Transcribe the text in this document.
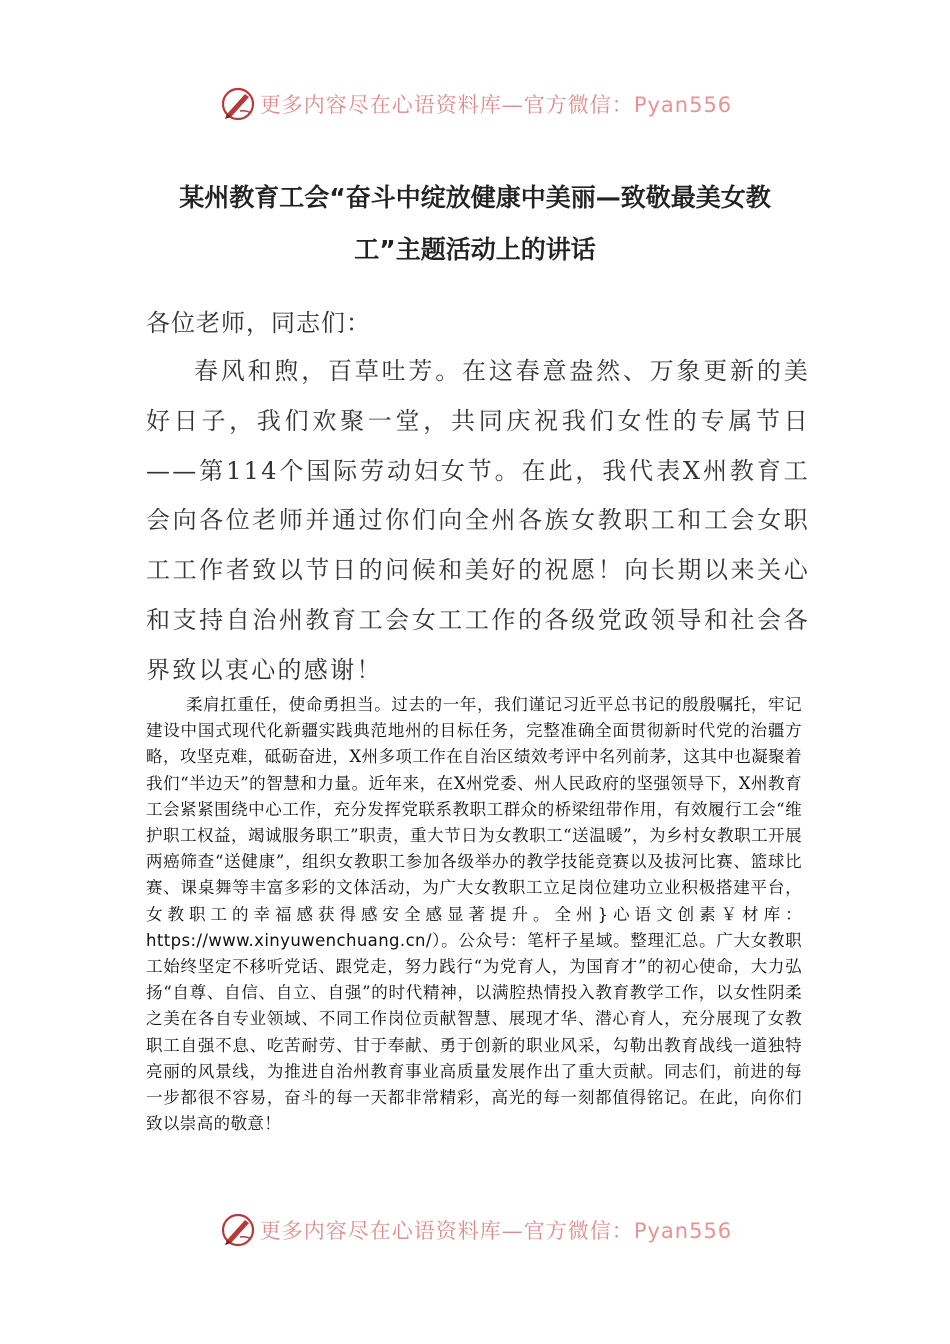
更多内容尽在心语资料库—官方微信：Pyan556
某州教育工会“奋斗中绽放健康中美丽—致敬最美女教
工”主题活动上的讲话
各位老师，同志们：

春风和煦，百草吐芳。在这春意盎然、万象更新的美好日子，我们欢聚一堂，共同庆祝我们女性的专属节日——第114个国际劳动妇女节。在此，我代表X州教育工会向各位老师并通过你们向全州各族女教职工和工会女职工工作者致以节日的问候和美好的祝愿！向长期以来关心和支持自治州教育工会女工工作的各级党政领导和社会各界致以衷心的感谢！

柔肩扛重任，使命勇担当。过去的一年，我们谨记习近平总书记的殷殷嘱托，牢记建设中国式现代化新疆实践典范地州的目标任务，完整准确全面贯彻新时代党的治疆方略，攻坚克难，砥砺奋进，X州多项工作在自治区绩效考评中名列前茅，这其中也凝聚着我们“半边天”的智慧和力量。近年来，在X州党委、州人民政府的坚强领导下，X州教育工会紧紧围绕中心工作，充分发挥党联系教职工群众的桥梁纽带作用，有效履行工会“维护职工权益，竭诚服务职工”职责，重大节日为女教职工“送温暖”，为乡村女教职工开展两癌筛查“送健康”，组织女教职工参加各级举办的教学技能竞赛以及拔河比赛、篮球比赛、课桌舞等丰富多彩的文体活动，为广大女教职工立足岗位建功立业积极搭建平台，女教职工的幸福感获得感安全感显著提升。全州}心语文创素￥材库：https://www.xinyuwenchuang.cn/）。公众号：笔杆子星域。整理汇总。广大女教职工始终坚定不移听党话、跟党走，努力践行“为党育人，为国育才”的初心使命，大力弘扬“自尊、自信、自立、自强”的时代精神，以满腔热情投入教育教学工作，以女性阴柔之美在各自专业领域、不同工作岗位贡献智慧、展现才华、潜心育人，充分展现了女教职工自强不息、吃苦耐劳、甘于奉献、勇于创新的职业风采，勾勒出教育战线一道独特亮丽的风景线，为推进自治州教育事业高质量发展作出了重大贡献。同志们，前进的每一步都很不容易，奋斗的每一天都非常精彩，高光的每一刻都值得铭记。在此，向你们致以崇高的敬意！

更多内容尽在心语资料库—官方微信：Pyan556
